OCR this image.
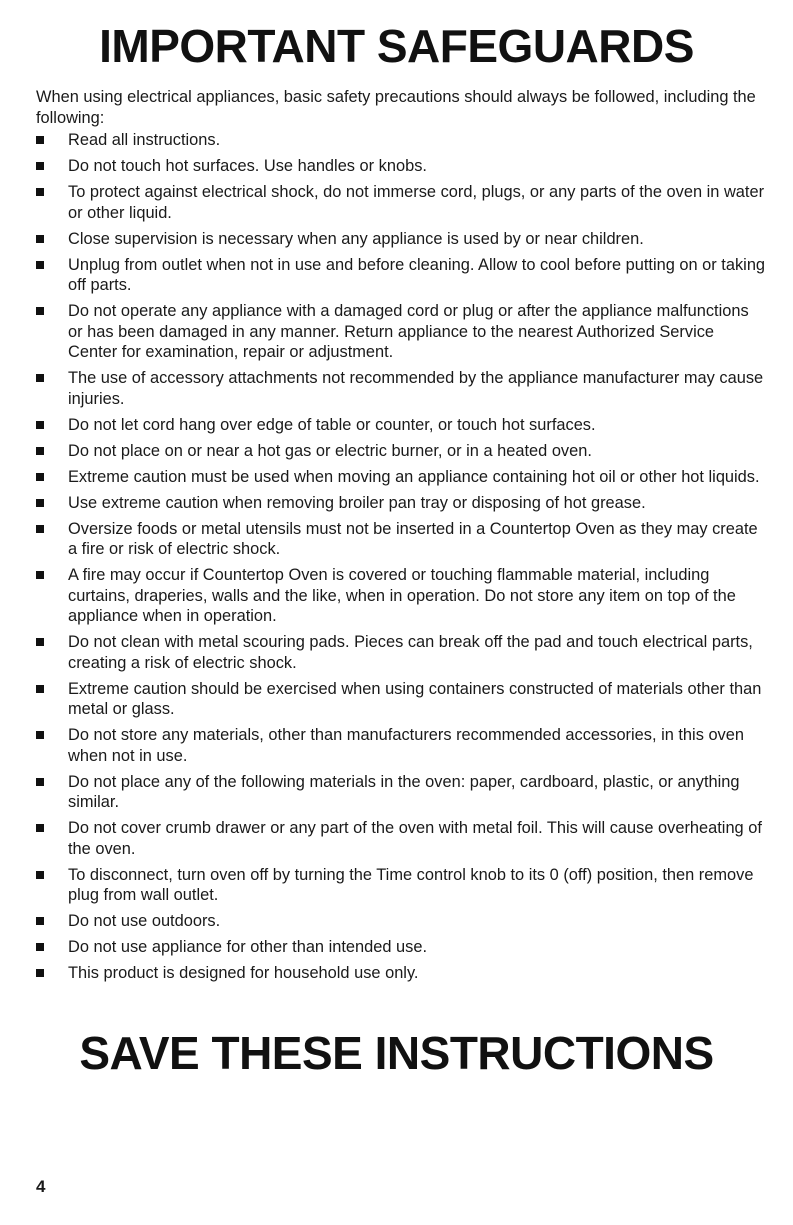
IMPORTANT SAFEGUARDS

When using electrical appliances, basic safety precautions should always be followed, including the following:

Read all instructions.
Do not touch hot surfaces. Use handles or knobs.
To protect against electrical shock, do not immerse cord, plugs, or any parts of the oven in water or other liquid.
Close supervision is necessary when any appliance is used by or near children.
Unplug from outlet when not in use and before cleaning. Allow to cool before putting on or taking off parts.
Do not operate any appliance with a damaged cord or plug or after the appliance malfunctions or has been damaged in any manner. Return appliance to the nearest Authorized Service Center for examination, repair or adjustment.
The use of accessory attachments not recommended by the appliance manufacturer may cause injuries.
Do not let cord hang over edge of table or counter, or touch hot surfaces.
Do not place on or near a hot gas or electric burner, or in a heated oven.
Extreme caution must be used when moving an appliance containing hot oil or other hot liquids.
Use extreme caution when removing broiler pan tray or disposing of hot grease.
Oversize foods or metal utensils must not be inserted in a Countertop Oven as they may create a fire or risk of electric shock.
A fire may occur if Countertop Oven is covered or touching flammable material, including curtains, draperies, walls and the like, when in operation. Do not store any item on top of the appliance when in operation.
Do not clean with metal scouring pads. Pieces can break off the pad and touch electrical parts, creating a risk of electric shock.
Extreme caution should be exercised when using containers constructed of materials other than metal or glass.
Do not store any materials, other than manufacturers recommended accessories, in this oven when not in use.
Do not place any of the following materials in the oven: paper, cardboard, plastic, or anything similar.
Do not cover crumb drawer or any part of the oven with metal foil. This will cause overheating of the oven.
To disconnect, turn oven off by turning the Time control knob to its 0 (off) position, then remove plug from wall outlet.
Do not use outdoors.
Do not use appliance for other than intended use.
This product is designed for household use only.
SAVE THESE INSTRUCTIONS
4
